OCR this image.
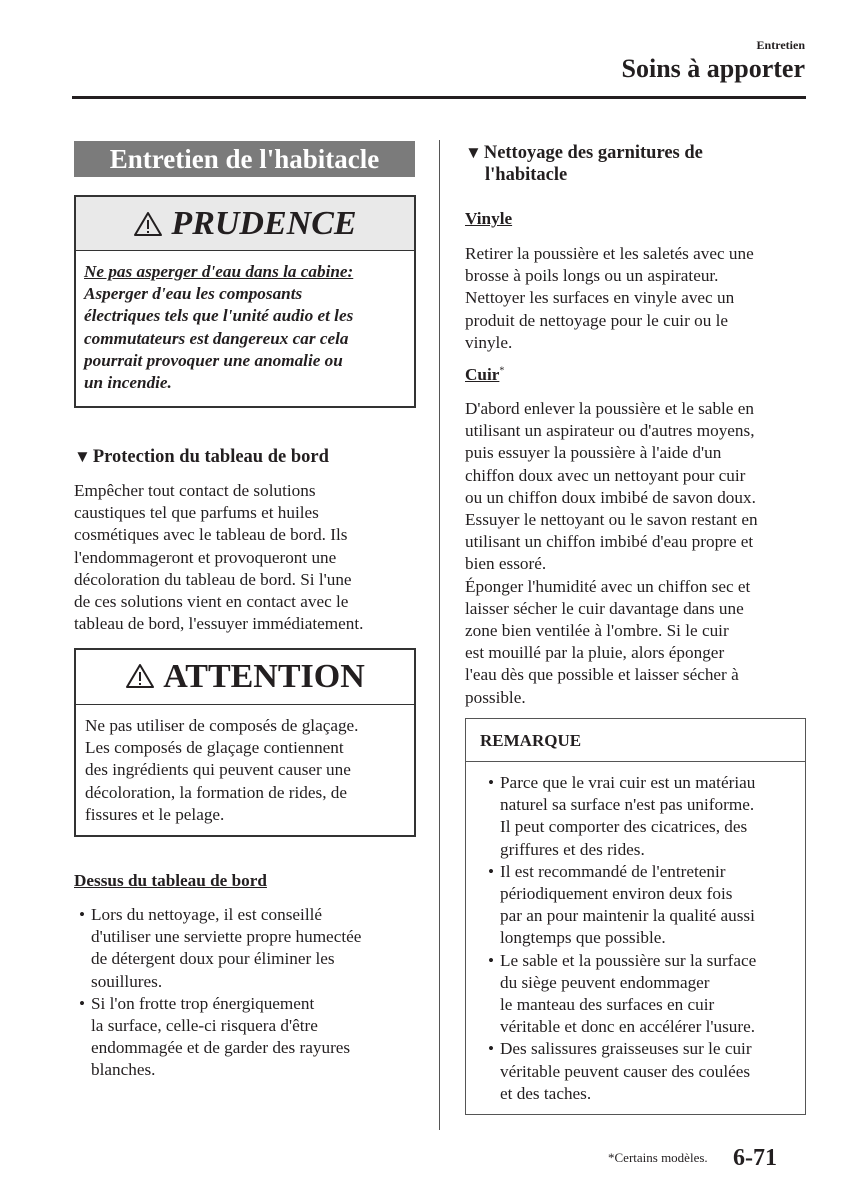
Entretien
Soins à apporter
Entretien de l'habitacle
PRUDENCE
Ne pas asperger d'eau dans la cabine:
Asperger d'eau les composants
électriques tels que l'unité audio et les
commutateurs est dangereux car cela
pourrait provoquer une anomalie ou
un incendie.
▼ Protection du tableau de bord
Empêcher tout contact de solutions
caustiques tel que parfums et huiles
cosmétiques avec le tableau de bord. Ils
l'endommageront et provoqueront une
décoloration du tableau de bord. Si l'une
de ces solutions vient en contact avec le
tableau de bord, l'essuyer immédiatement.
ATTENTION
Ne pas utiliser de composés de glaçage.
Les composés de glaçage contiennent
des ingrédients qui peuvent causer une
décoloration, la formation de rides, de
fissures et le pelage.
Dessus du tableau de bord
• Lors du nettoyage, il est conseillé
d'utiliser une serviette propre humectée
de détergent doux pour éliminer les
souillures.
• Si l'on frotte trop énergiquement
la surface, celle-ci risquera d'être
endommagée et de garder des rayures
blanches.
▼ Nettoyage des garnitures de
l'habitacle
Vinyle
Retirer la poussière et les saletés avec une
brosse à poils longs ou un aspirateur.
Nettoyer les surfaces en vinyle avec un
produit de nettoyage pour le cuir ou le
vinyle.
Cuir*
D'abord enlever la poussière et le sable en
utilisant un aspirateur ou d'autres moyens,
puis essuyer la poussière à l'aide d'un
chiffon doux avec un nettoyant pour cuir
ou un chiffon doux imbibé de savon doux.
Essuyer le nettoyant ou le savon restant en
utilisant un chiffon imbibé d'eau propre et
bien essoré.
Éponger l'humidité avec un chiffon sec et
laisser sécher le cuir davantage dans une
zone bien ventilée à l'ombre. Si le cuir
est mouillé par la pluie, alors éponger
l'eau dès que possible et laisser sécher à
possible.
REMARQUE
• Parce que le vrai cuir est un matériau
naturel sa surface n'est pas uniforme.
Il peut comporter des cicatrices, des
griffures et des rides.
• Il est recommandé de l'entretenir
périodiquement environ deux fois
par an pour maintenir la qualité aussi
longtemps que possible.
• Le sable et la poussière sur la surface
du siège peuvent endommager
le manteau des surfaces en cuir
véritable et donc en accélérer l'usure.
• Des salissures graisseuses sur le cuir
véritable peuvent causer des coulées
et des taches.
*Certains modèles. 6-71
